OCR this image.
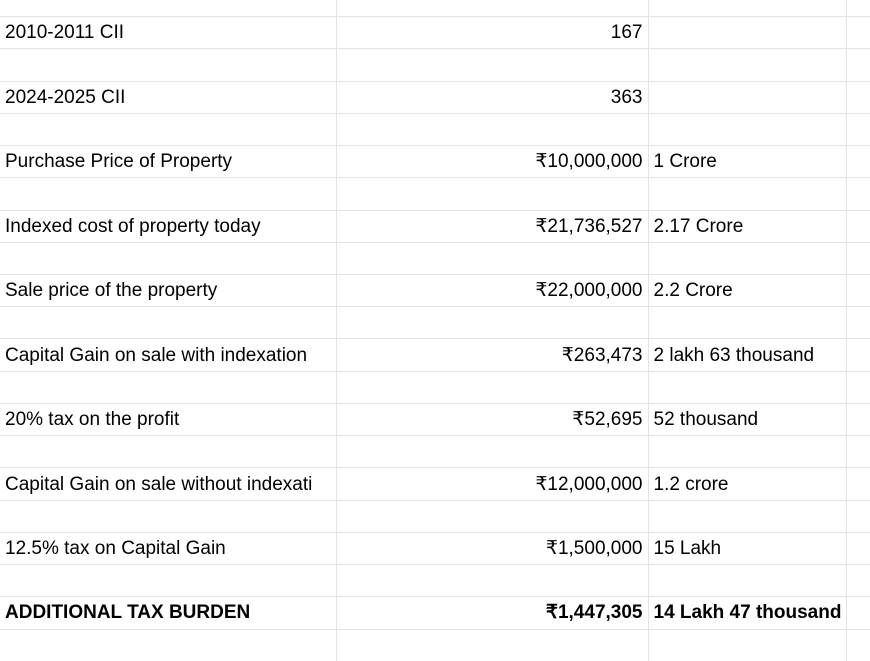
2010-2011 CII	167		

2024-2025 CII	363		

Purchase Price of Property	₹10,000,000	1 Crore	

Indexed cost of property today	₹21,736,527	2.17 Crore	

Sale price of the property	₹22,000,000	2.2 Crore	

Capital Gain on sale with indexation	₹263,473	2 lakh 63 thousand	

20% tax on the profit	₹52,695	52 thousand	

Capital Gain on sale without indexati	₹12,000,000	1.2 crore	

12.5% tax on Capital Gain	₹1,500,000	15 Lakh	

ADDITIONAL TAX BURDEN	₹1,447,305	14 Lakh 47 thousand	
